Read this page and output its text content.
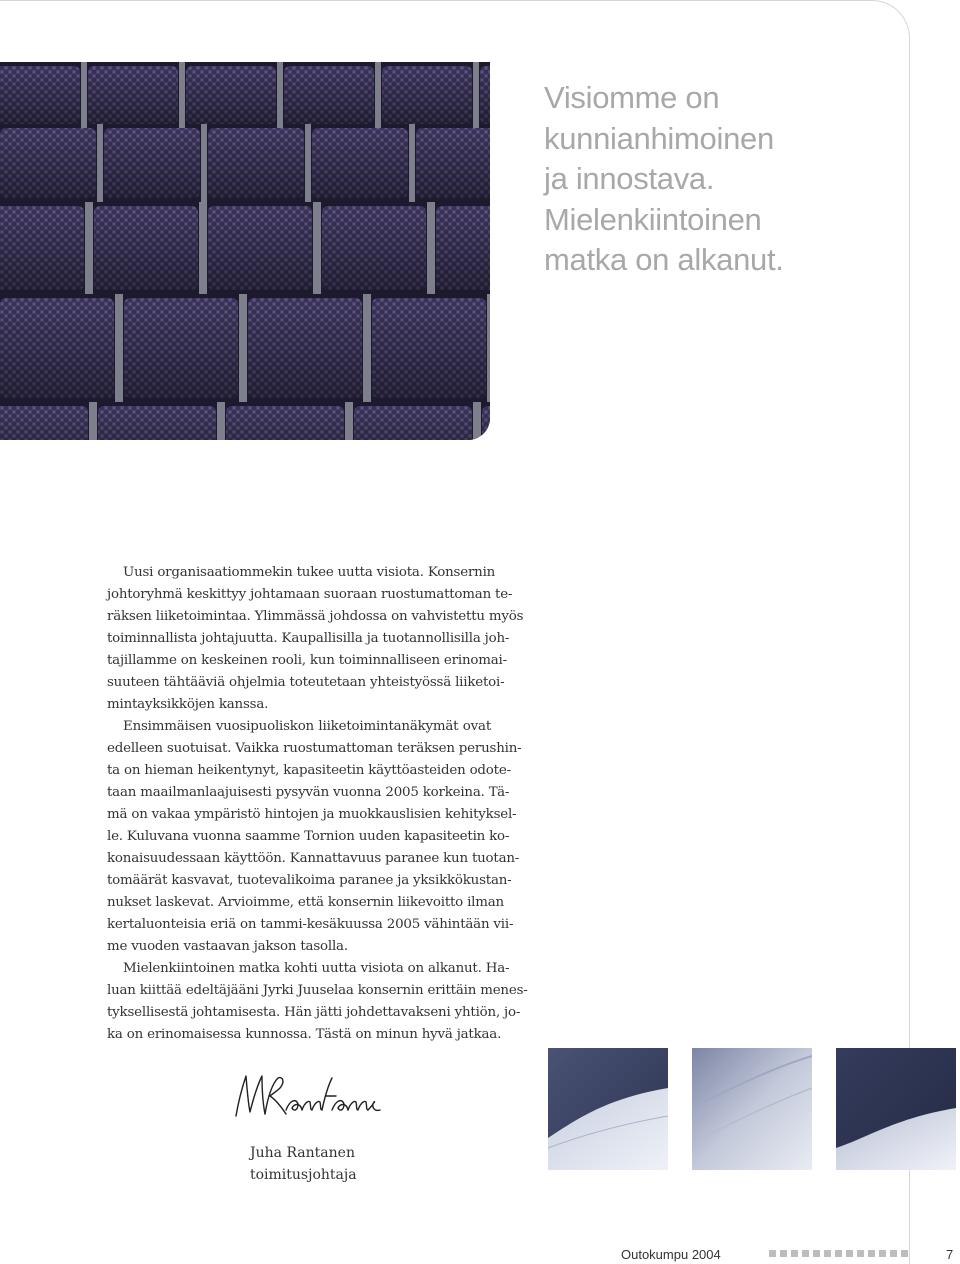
Visiomme on
kunnianhimoinen
ja innostava.
Mielenkiintoinen
matka on alkanut.

Uusi organisaatiommekin tukee uutta visiota. Konsernin
johtoryhmä keskittyy johtamaan suoraan ruostumattoman te-
räksen liiketoimintaa. Ylimmässä johdossa on vahvistettu myös
toiminnallista johtajuutta. Kaupallisilla ja tuotannollisilla joh-
tajillamme on keskeinen rooli, kun toiminnalliseen erinomai-
suuteen tähtääviä ohjelmia toteutetaan yhteistyössä liiketoi-
mintayksikköjen kanssa.

Ensimmäisen vuosipuoliskon liiketoimintanäkymät ovat
edelleen suotuisat. Vaikka ruostumattoman teräksen perushin-
ta on hieman heikentynyt, kapasiteetin käyttöasteiden odote-
taan maailmanlaajuisesti pysyvän vuonna 2005 korkeina. Tä-
mä on vakaa ympäristö hintojen ja muokkauslisien kehityksel-
le. Kuluvana vuonna saamme Tornion uuden kapasiteetin ko-
konaisuudessaan käyttöön. Kannattavuus paranee kun tuotan-
tomäärät kasvavat, tuotevalikoima paranee ja yksikkökustan-
nukset laskevat. Arvioimme, että konsernin liikevoitto ilman
kertaluonteisia eriä on tammi-kesäkuussa 2005 vähintään vii-
me vuoden vastaavan jakson tasolla.

Mielenkiintoinen matka kohti uutta visiota on alkanut. Ha-
luan kiittää edeltäjääni Jyrki Juuselaa konsernin erittäin menes-
tyksellisestä johtamisesta. Hän jätti johdettavakseni yhtiön, jo-
ka on erinomaisessa kunnossa. Tästä on minun hyvä jatkaa.

Juha Rantanen
toimitusjohtaja
Outokumpu 2004	7
